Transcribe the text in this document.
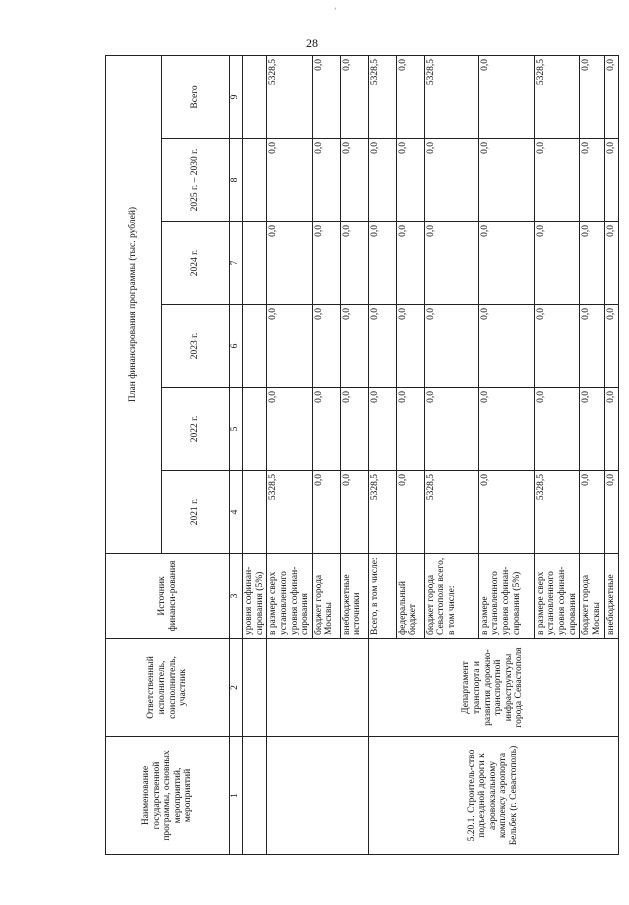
ʻ
28
Наименование государственной программы, основных мероприятий, мероприятий	Ответственный исполнитель, соисполнитель, участник	Источник финанси-рования	План финансирования программы (тыс. рублей)					
			2021 г.	2022 г.	2023 г.	2024 г.	2025 г. – 2030 г.	Всего
1	2	3	4	5	6	7	8	9
		уровня софинан-сирования (5%)						
		в размере сверх установленного уровня софинан-сирования	5328,5	0,0	0,0	0,0	0,0	5328,5
		бюджет города Москвы	0,0	0,0	0,0	0,0	0,0	0,0
		внебюджетные источники	0,0	0,0	0,0	0,0	0,0	0,0
5.20.1. Строитель-ство подъездной дороги к аэровокзальному комплексу аэропорта Бельбек (г. Севастополь)	Департамент транспорта и развития дорожно-транспортной инфраструктуры города Севастополя	Всего, в том числе:	5328,5	0,0	0,0	0,0	0,0	5328,5
		федеральный бюджет	0,0	0,0	0,0	0,0	0,0	0,0
		бюджет города Севастополя всего, в том числе:	5328,5	0,0	0,0	0,0	0,0	5328,5
		в размере установленного уровня софинан-сирования (5%)	0,0	0,0	0,0	0,0	0,0	0,0
		в размере сверх установленного уровня софинан-сирования	5328,5	0,0	0,0	0,0	0,0	5328,5
		бюджет города Москвы	0,0	0,0	0,0	0,0	0,0	0,0
		внебюджетные	0,0	0,0	0,0	0,0	0,0	0,0
